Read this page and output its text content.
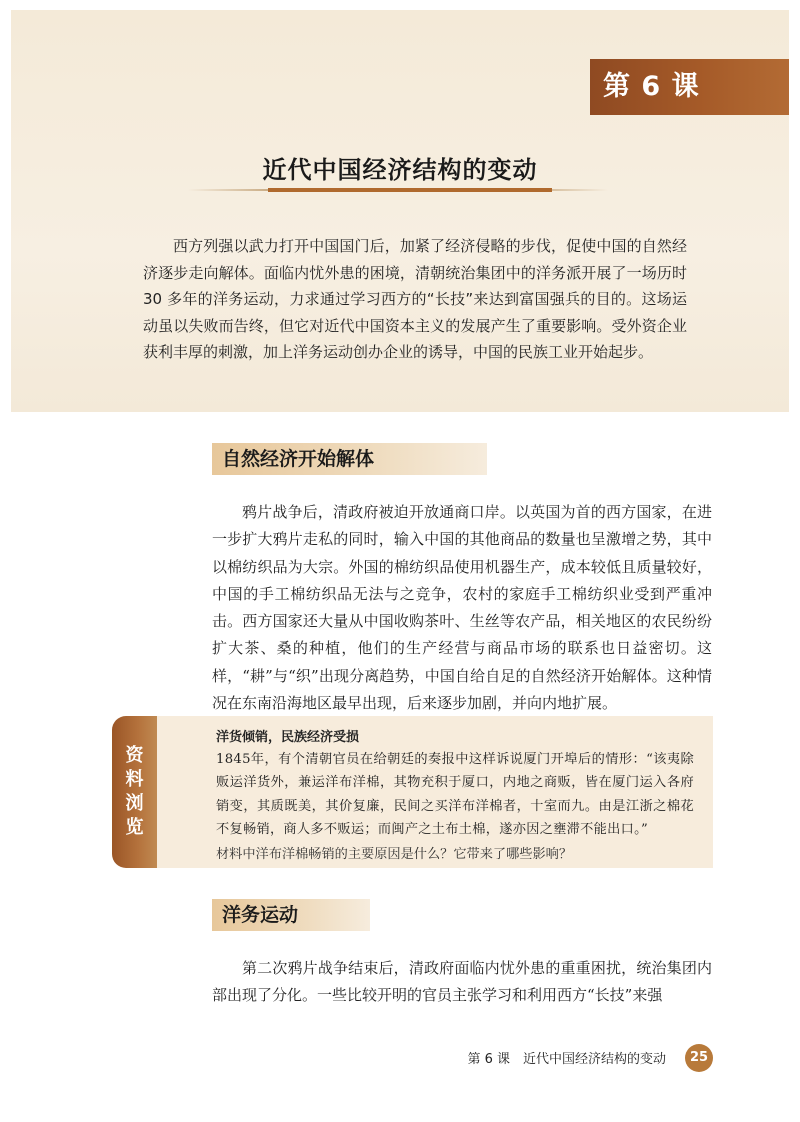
第 6 课
近代中国经济结构的变动

西方列强以武力打开中国国门后，加紧了经济侵略的步伐，促使中国的自然经济逐步走向解体。面临内忧外患的困境，清朝统治集团中的洋务派开展了一场历时 30 多年的洋务运动，力求通过学习西方的“长技”来达到富国强兵的目的。这场运动虽以失败而告终，但它对近代中国资本主义的发展产生了重要影响。受外资企业获利丰厚的刺激，加上洋务运动创办企业的诱导，中国的民族工业开始起步。

自然经济开始解体

鸦片战争后，清政府被迫开放通商口岸。以英国为首的西方国家，在进一步扩大鸦片走私的同时，输入中国的其他商品的数量也呈激增之势，其中以棉纺织品为大宗。外国的棉纺织品使用机器生产，成本较低且质量较好，中国的手工棉纺织品无法与之竞争，农村的家庭手工棉纺织业受到严重冲击。西方国家还大量从中国收购茶叶、生丝等农产品，相关地区的农民纷纷扩大茶、桑的种植，他们的生产经营与商品市场的联系也日益密切。这样，“耕”与“织”出现分离趋势，中国自给自足的自然经济开始解体。这种情况在东南沿海地区最早出现，后来逐步加剧，并向内地扩展。

资料浏览
洋货倾销，民族经济受损

1845年，有个清朝官员在给朝廷的奏报中这样诉说厦门开埠后的情形：“该夷除贩运洋货外，兼运洋布洋棉，其物充积于厦口，内地之商贩，皆在厦门运入各府销变，其质既美，其价复廉，民间之买洋布洋棉者，十室而九。由是江浙之棉花不复畅销，商人多不贩运；而闽产之土布土棉，遂亦因之壅滞不能出口。”

材料中洋布洋棉畅销的主要原因是什么？它带来了哪些影响？
洋务运动

第二次鸦片战争结束后，清政府面临内忧外患的重重困扰，统治集团内部出现了分化。一些比较开明的官员主张学习和利用西方“长技”来强

第 6 课　近代中国经济结构的变动	25
